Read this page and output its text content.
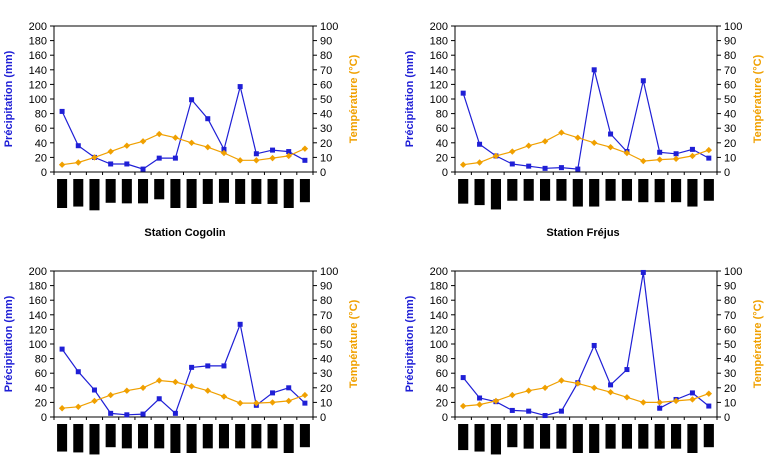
0
20
40
60
80
100
120
140
160
180
200
0
10
20
30
40
50
60
70
80
90
100
Précipitation (mm)	Température (°C)
0
20
40
60
80
100
120
140
160
180
200
0
10
20
30
40
50
60
70
80
90
100
Précipitation (mm)	Température (°C)
Station Cogolin
0
20
40
60
80
100
120
140
160
180
200
0
10
20
30
40
50
60
70
80
90
100
Précipitation (mm)	Température (°C)
Station Fréjus
0
20
40
60
80
100
120
140
160
180
200
0
10
20
30
40
50
60
70
80
90
100
Précipitation (mm)	Température (°C)
